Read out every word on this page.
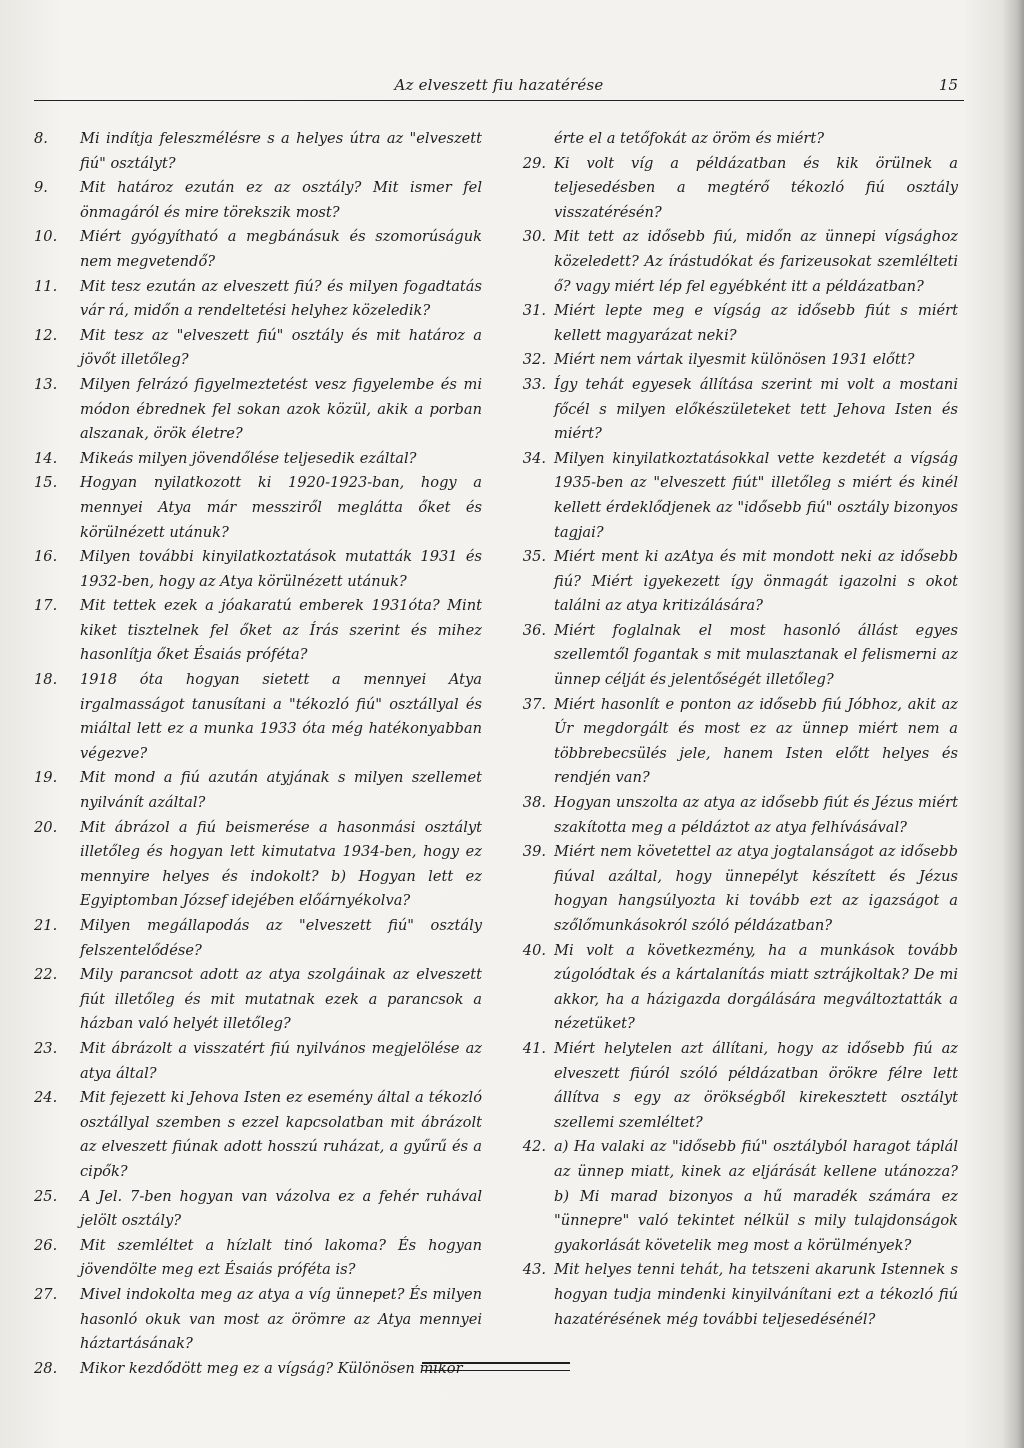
Az elveszett fiu hazatérése	15

8.	Mi indítja feleszmélésre s a helyes útra az "elveszett fiú" osztályt?

9.	Mit határoz ezután ez az osztály? Mit ismer fel önmagáról és mire törekszik most?

10.	Miért gyógyítható a megbánásuk és szomorúságuk nem megvetendő?

11.	Mit tesz ezután az elveszett fiú? és milyen fogadtatás vár rá, midőn a rendeltetési helyhez közeledik?

12.	Mit tesz az "elveszett fiú" osztály és mit határoz a jövőt illetőleg?

13.	Milyen felrázó figyelmeztetést vesz figyelembe és mi módon ébrednek fel sokan azok közül, akik a porban alszanak, örök életre?

14.	Mikeás milyen jövendőlése teljesedik ezáltal?

15.	Hogyan nyilatkozott ki 1920-1923-ban, hogy a mennyei Atya már messziről meglátta őket és körülnézett utánuk?

16.	Milyen további kinyilatkoztatások mutatták 1931 és 1932-ben, hogy az Atya körülnézett utánuk?

17.	Mit tettek ezek a jóakaratú emberek 1931óta? Mint kiket tisztelnek fel őket az Írás szerint és mihez hasonlítja őket Ésaiás próféta?

18.	1918 óta hogyan sietett a mennyei Atya irgalmasságot tanusítani a "tékozló fiú" osztállyal és miáltal lett ez a munka 1933 óta még hatékonyabban végezve?

19.	Mit mond a fiú azután atyjának s milyen szellemet nyilvánít azáltal?

20.	Mit ábrázol a fiú beismerése a hasonmási osztályt illetőleg és hogyan lett kimutatva 1934-ben, hogy ez mennyire helyes és indokolt? b) Hogyan lett ez Egyiptomban József idejében előárnyékolva?

21.	Milyen megállapodás az "elveszett fiú" osztály felszentelődése?

22.	Mily parancsot adott az atya szolgáinak az elveszett fiút illetőleg és mit mutatnak ezek a parancsok a házban való helyét illetőleg?

23.	Mit ábrázolt a visszatért fiú nyilvános megjelölése az atya által?

24.	Mit fejezett ki Jehova Isten ez esemény által a tékozló osztállyal szemben s ezzel kapcsolatban mit ábrázolt az elveszett fiúnak adott hosszú ruházat, a gyűrű és a cipők?

25.	A Jel. 7-ben hogyan van vázolva ez a fehér ruhával jelölt osztály?

26.	Mit szemléltet a hízlalt tinó lakoma? És hogyan jövendölte meg ezt Ésaiás próféta is?

27.	Mivel indokolta meg az atya a víg ünnepet? És milyen hasonló okuk van most az örömre az Atya mennyei háztartásának?

28.	Mikor kezdődött meg ez a vígság? Különösen mikor

érte el a tetőfokát az öröm és miért?

29. Ki volt víg a példázatban és kik örülnek a teljesedésben a megtérő tékozló fiú osztály visszatérésén?

30. Mit tett az idősebb fiú, midőn az ünnepi vígsághoz közeledett? Az írástudókat és farizeusokat szemlélteti ő? vagy miért lép fel egyébként itt a példázatban?

31. Miért lepte meg e vígság az idősebb fiút s miért kellett magyarázat neki?

32. Miért nem vártak ilyesmit különösen 1931 előtt?

33. Így tehát egyesek állítása szerint mi volt a mostani főcél s milyen előkészületeket tett Jehova Isten és miért?

34. Milyen kinyilatkoztatásokkal vette kezdetét a vígság 1935-ben az "elveszett fiút" illetőleg s miért és kinél kellett érdeklődjenek az "idősebb fiú" osztály bizonyos tagjai?

35. Miért ment ki azAtya és mit mondott neki az idősebb fiú? Miért igyekezett így önmagát igazolni s okot találni az atya kritizálására?

36. Miért foglalnak el most hasonló állást egyes szellemtől fogantak s mit mulasztanak el felismerni az ünnep célját és jelentőségét illetőleg?

37. Miért hasonlít e ponton az idősebb fiú Jóbhoz, akit az Úr megdorgált és most ez az ünnep miért nem a többrebecsülés jele, hanem Isten előtt helyes és rendjén van?

38. Hogyan unszolta az atya az idősebb fiút és Jézus miért szakította meg a példáztot az atya felhívásával?

39. Miért nem követettel az atya jogtalanságot az idősebb fiúval azáltal, hogy ünnepélyt készített és Jézus hogyan hangsúlyozta ki tovább ezt az igazságot a szőlőmunkásokról szóló példázatban?

40. Mi volt a következmény, ha a munkások tovább zúgolódtak és a kártalanítás miatt sztrájkoltak? De mi akkor, ha a házigazda dorgálására megváltoztatták a nézetüket?

41. Miért helytelen azt állítani, hogy az idősebb fiú az elveszett fiúról szóló példázatban örökre félre lett állítva s egy az örökségből kirekesztett osztályt szellemi szemléltet?

42. a) Ha valaki az "idősebb fiú" osztályból haragot táplál az ünnep miatt, kinek az eljárását kellene utánozza? b) Mi marad bizonyos a hű maradék számára ez "ünnepre" való tekintet nélkül s mily tulajdonságok gyakorlását követelik meg most a körülmények?

43. Mit helyes tenni tehát, ha tetszeni akarunk Istennek s hogyan tudja mindenki kinyilvánítani ezt a tékozló fiú hazatérésének még további teljesedésénél?
